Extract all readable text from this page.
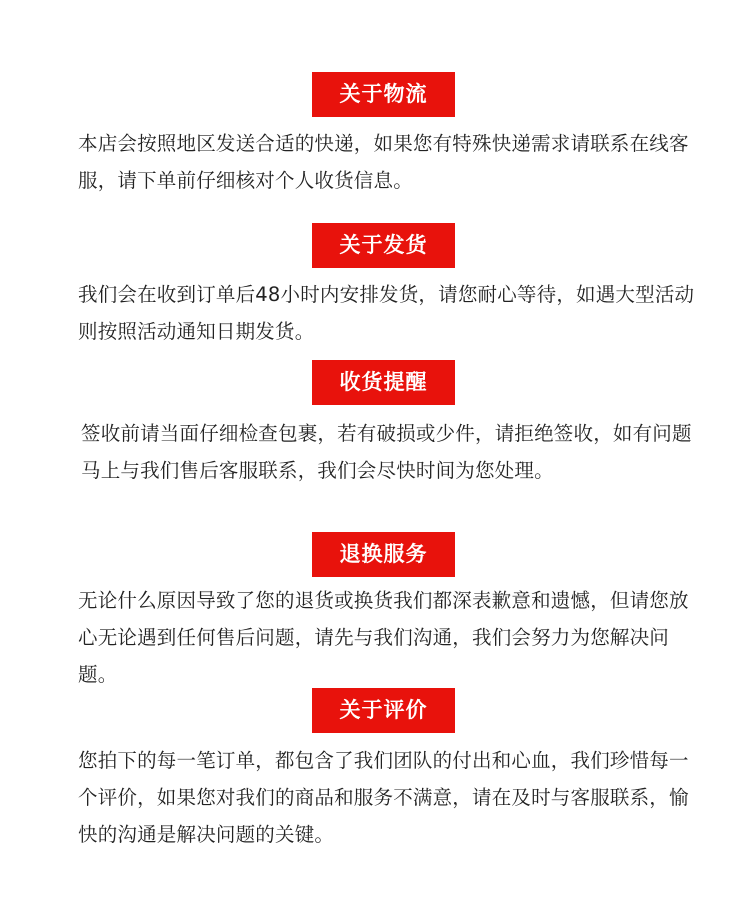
关于物流

本店会按照地区发送合适的快递，如果您有特殊快递需求请联系在线客服，请下单前仔细核对个人收货信息。

关于发货

我们会在收到订单后48小时内安排发货，请您耐心等待，如遇大型活动则按照活动通知日期发货。

收货提醒

签收前请当面仔细检查包裹，若有破损或少件，请拒绝签收，如有问题马上与我们售后客服联系，我们会尽快时间为您处理。

退换服务

无论什么原因导致了您的退货或换货我们都深表歉意和遗憾，但请您放心无论遇到任何售后问题，请先与我们沟通，我们会努力为您解决问题。

关于评价

您拍下的每一笔订单，都包含了我们团队的付出和心血，我们珍惜每一个评价，如果您对我们的商品和服务不满意，请在及时与客服联系，愉快的沟通是解决问题的关键。
